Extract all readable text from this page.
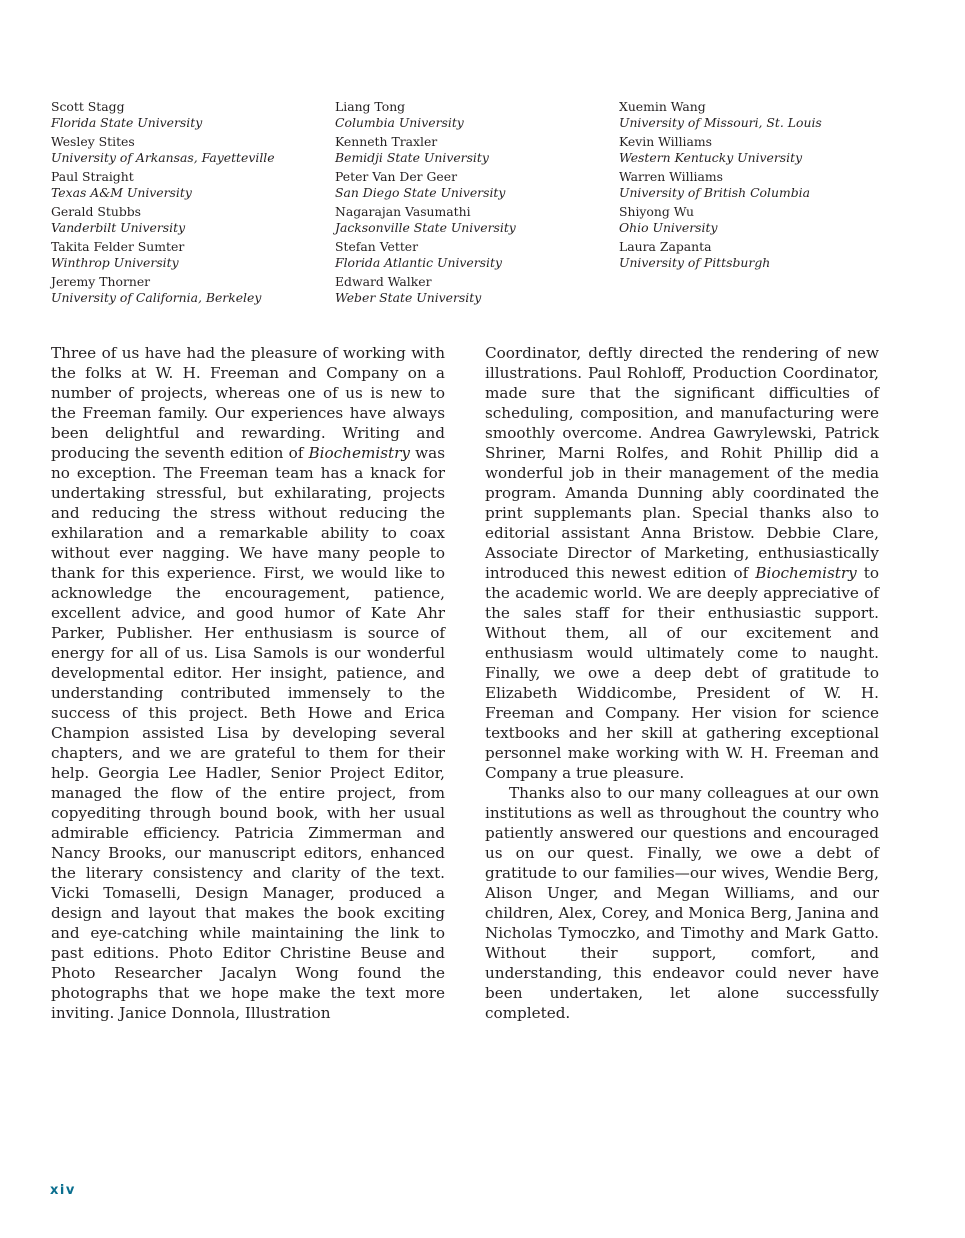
Scott Stagg
Florida State University
Wesley Stites
University of Arkansas, Fayetteville
Paul Straight
Texas A&M University
Gerald Stubbs
Vanderbilt University
Takita Felder Sumter
Winthrop University
Jeremy Thorner
University of California, Berkeley
Liang Tong
Columbia University
Kenneth Traxler
Bemidji State University
Peter Van Der Geer
San Diego State University
Nagarajan Vasumathi
Jacksonville State University
Stefan Vetter
Florida Atlantic University
Edward Walker
Weber State University
Xuemin Wang
University of Missouri, St. Louis
Kevin Williams
Western Kentucky University
Warren Williams
University of British Columbia
Shiyong Wu
Ohio University
Laura Zapanta
University of Pittsburgh

Three of us have had the pleasure of working with the folks at W. H. Freeman and Company on a number of projects, whereas one of us is new to the Freeman family. Our experiences have always been delightful and rewarding. Writing and producing the seventh edition of Biochemistry was no exception. The Freeman team has a knack for undertaking stressful, but exhilarating, projects and reducing the stress without reducing the exhilaration and a remarkable ability to coax without ever nagging. We have many people to thank for this experience. First, we would like to acknowledge the encouragement, patience, excellent advice, and good humor of Kate Ahr Parker, Publisher. Her enthusiasm is source of energy for all of us. Lisa Samols is our wonderful developmental editor. Her insight, patience, and understanding contributed immensely to the success of this project. Beth Howe and Erica Champion assisted Lisa by developing several chapters, and we are grateful to them for their help. Georgia Lee Hadler, Senior Project Editor, managed the flow of the entire project, from copyediting through bound book, with her usual admirable efficiency. Patricia Zimmerman and Nancy Brooks, our manuscript editors, enhanced the literary consistency and clarity of the text. Vicki Tomaselli, Design Manager, produced a design and layout that makes the book exciting and eye-catching while maintaining the link to past editions. Photo Editor Christine Beuse and Photo Researcher Jacalyn Wong found the photographs that we hope make the text more inviting. Janice Donnola, Illustration

Coordinator, deftly directed the rendering of new illustrations. Paul Rohloff, Production Coordinator, made sure that the significant difficulties of scheduling, composition, and manufacturing were smoothly overcome. Andrea Gawrylewski, Patrick Shriner, Marni Rolfes, and Rohit Phillip did a wonderful job in their management of the media program. Amanda Dunning ably coordinated the print supplemants plan. Special thanks also to editorial assistant Anna Bristow. Debbie Clare, Associate Director of Marketing, enthusiastically introduced this newest edition of Biochemistry to the academic world. We are deeply appreciative of the sales staff for their enthusiastic support. Without them, all of our excitement and enthusiasm would ultimately come to naught. Finally, we owe a deep debt of gratitude to Elizabeth Widdicombe, President of W. H. Freeman and Company. Her vision for science textbooks and her skill at gathering exceptional personnel make working with W. H. Freeman and Company a true pleasure.

Thanks also to our many colleagues at our own institutions as well as throughout the country who patiently answered our questions and encouraged us on our quest. Finally, we owe a debt of gratitude to our families—our wives, Wendie Berg, Alison Unger, and Megan Williams, and our children, Alex, Corey, and Monica Berg, Janina and Nicholas Tymoczko, and Timothy and Mark Gatto. Without their support, comfort, and understanding, this endeavor could never have been undertaken, let alone successfully completed.

xiv
